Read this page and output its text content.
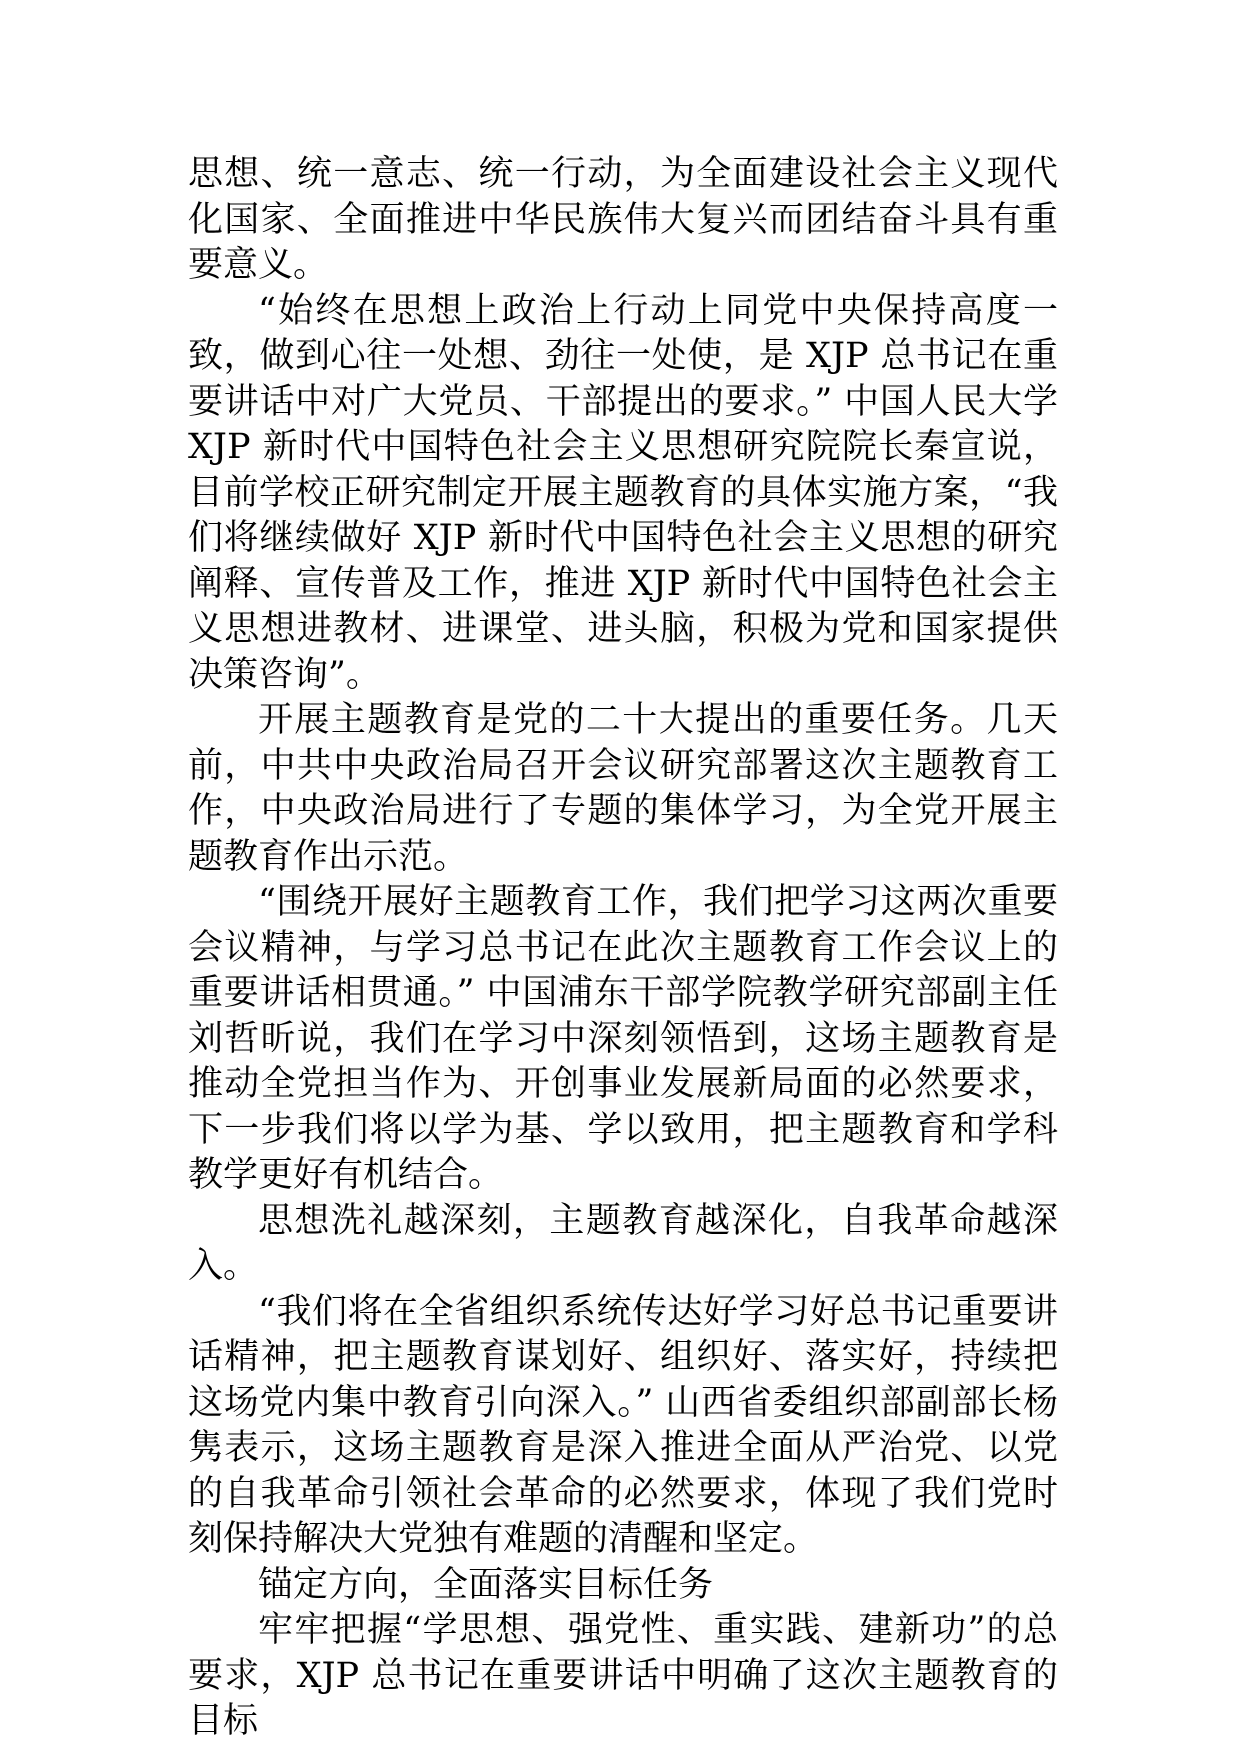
思想、统一意志、统一行动，为全面建设社会主义现代化国家、全面推进中华民族伟大复兴而团结奋斗具有重要意义。

“始终在思想上政治上行动上同党中央保持高度一致，做到心往一处想、劲往一处使，是 XJP 总书记在重要讲话中对广大党员、干部提出的要求。” 中国人民大学 XJP 新时代中国特色社会主义思想研究院院长秦宣说，目前学校正研究制定开展主题教育的具体实施方案，“我们将继续做好 XJP 新时代中国特色社会主义思想的研究阐释、宣传普及工作，推进 XJP 新时代中国特色社会主义思想进教材、进课堂、进头脑，积极为党和国家提供决策咨询”。

开展主题教育是党的二十大提出的重要任务。几天前，中共中央政治局召开会议研究部署这次主题教育工作，中央政治局进行了专题的集体学习，为全党开展主题教育作出示范。

“围绕开展好主题教育工作，我们把学习这两次重要会议精神，与学习总书记在此次主题教育工作会议上的重要讲话相贯通。” 中国浦东干部学院教学研究部副主任刘哲昕说，我们在学习中深刻领悟到，这场主题教育是推动全党担当作为、开创事业发展新局面的必然要求，下一步我们将以学为基、学以致用，把主题教育和学科教学更好有机结合。

思想洗礼越深刻，主题教育越深化，自我革命越深入。

“我们将在全省组织系统传达好学习好总书记重要讲话精神，把主题教育谋划好、组织好、落实好，持续把这场党内集中教育引向深入。” 山西省委组织部副部长杨隽表示，这场主题教育是深入推进全面从严治党、以党的自我革命引领社会革命的必然要求，体现了我们党时刻保持解决大党独有难题的清醒和坚定。

锚定方向，全面落实目标任务

牢牢把握“学思想、强党性、重实践、建新功”的总要求，XJP 总书记在重要讲话中明确了这次主题教育的目标
